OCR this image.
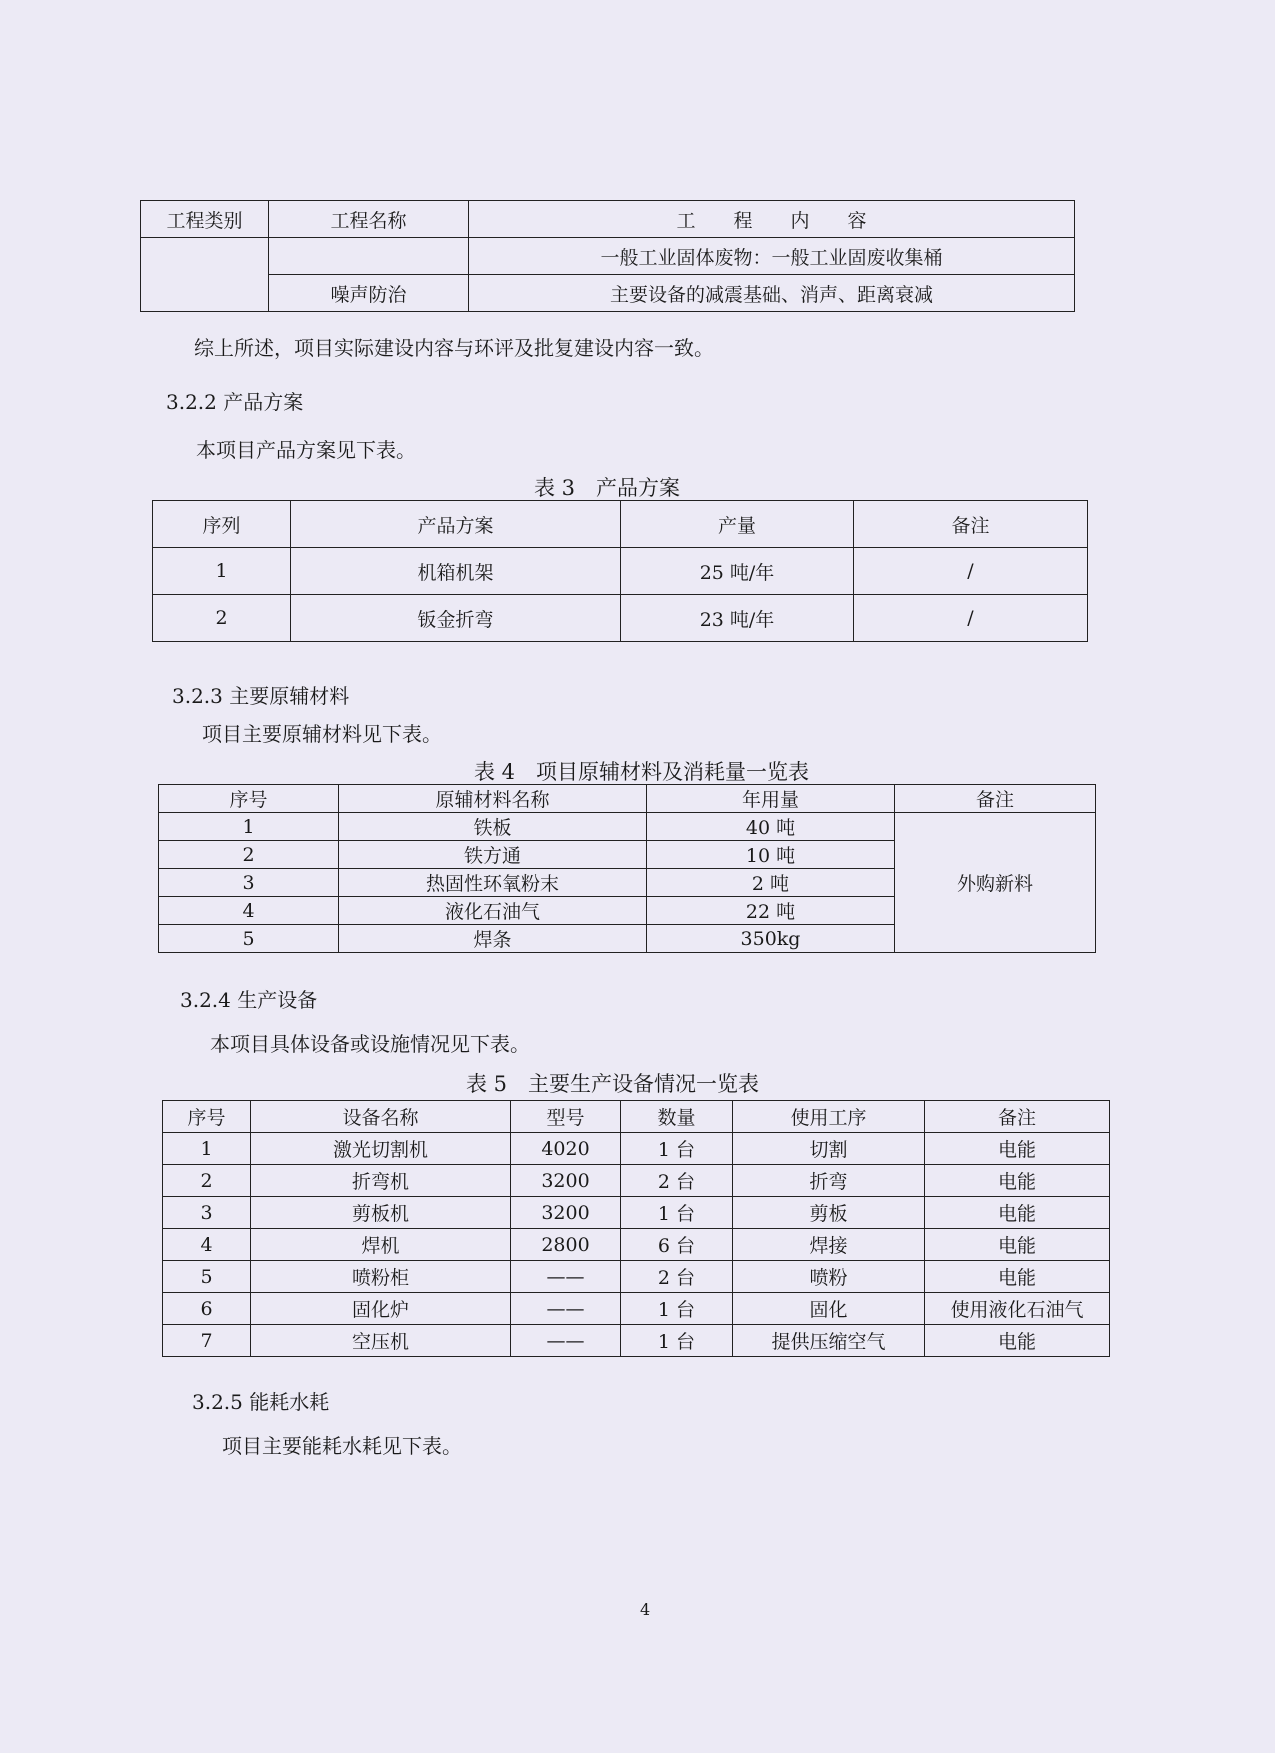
工程类别	工程名称	工　　程　　内　　容
		一般工业固体废物：一般工业固废收集桶
	噪声防治	主要设备的减震基础、消声、距离衰减
综上所述，项目实际建设内容与环评及批复建设内容一致。
3.2.2 产品方案
本项目产品方案见下表。
表 3　产品方案
序列	产品方案	产量	备注
1	机箱机架	25 吨/年	/
2	钣金折弯	23 吨/年	/
3.2.3 主要原辅材料
项目主要原辅材料见下表。
表 4　项目原辅材料及消耗量一览表
序号	原辅材料名称	年用量	备注
1	铁板	40 吨	外购新料
2	铁方通	10 吨	
3	热固性环氧粉末	2 吨	
4	液化石油气	22 吨	
5	焊条	350kg	
3.2.4 生产设备
本项目具体设备或设施情况见下表。
表 5　主要生产设备情况一览表
序号	设备名称	型号	数量	使用工序	备注
1	激光切割机	4020	1 台	切割	电能
2	折弯机	3200	2 台	折弯	电能
3	剪板机	3200	1 台	剪板	电能
4	焊机	2800	6 台	焊接	电能
5	喷粉柜	——	2 台	喷粉	电能
6	固化炉	——	1 台	固化	使用液化石油气
7	空压机	——	1 台	提供压缩空气	电能
3.2.5 能耗水耗
项目主要能耗水耗见下表。
4
